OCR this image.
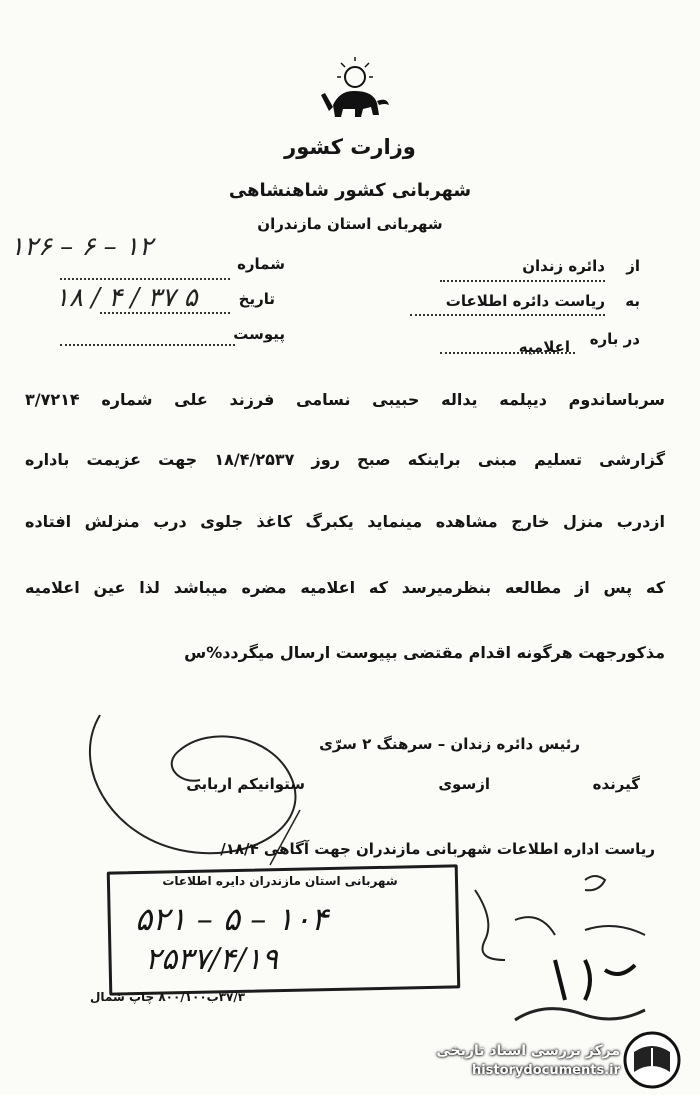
وزارت کشور
شهربانی کشور شاهنشاهی
شهربانی استان مازندران
۱۲۶ – ۶ – ۱۲
شماره
۱۸ / ۴ / ۳۷ ۵	تاریخ
پیوست
از
دائره زندان
به
ریاست دائره اطلاعات
در باره
اعلامیه
سرباساندوم دیپلمه یداله حبیبی نسامی فرزند علی شماره ۳/۷۲۱۴
گزارشی تسلیم مبنی براینکه صبح روز ۱۸/۴/۲۵۳۷ جهت عزیمت باداره
ازدرب منزل خارج مشاهده مینماید یکبرگ کاغذ جلوی درب منزلش افتاده
که پس از مطالعه بنظرمیرسد که اعلامیه مضره میباشد لذا عین اعلامیه
مذکورجهت هرگونه اقدام مقتضی بپیوست ارسال میگردد%س
رئیس دائره زندان – سرهنگ ۲ سرّی
ستوانیکم اربابی	گیرنده
ازسوی
ریاست اداره اطلاعات شهربانی مازندران جهت آگاهی ۱۸/۴/
شهربانی استان مازندران دایره اطلاعات
۵۲۱ – ۵ – ۱۰۴
۲۵۳۷/۴/۱۹
۳۷/۳ب۸۰۰/۱۰۰ چاپ شمال
مرکز بررسی اسناد تاریخی
historydocuments.ir
